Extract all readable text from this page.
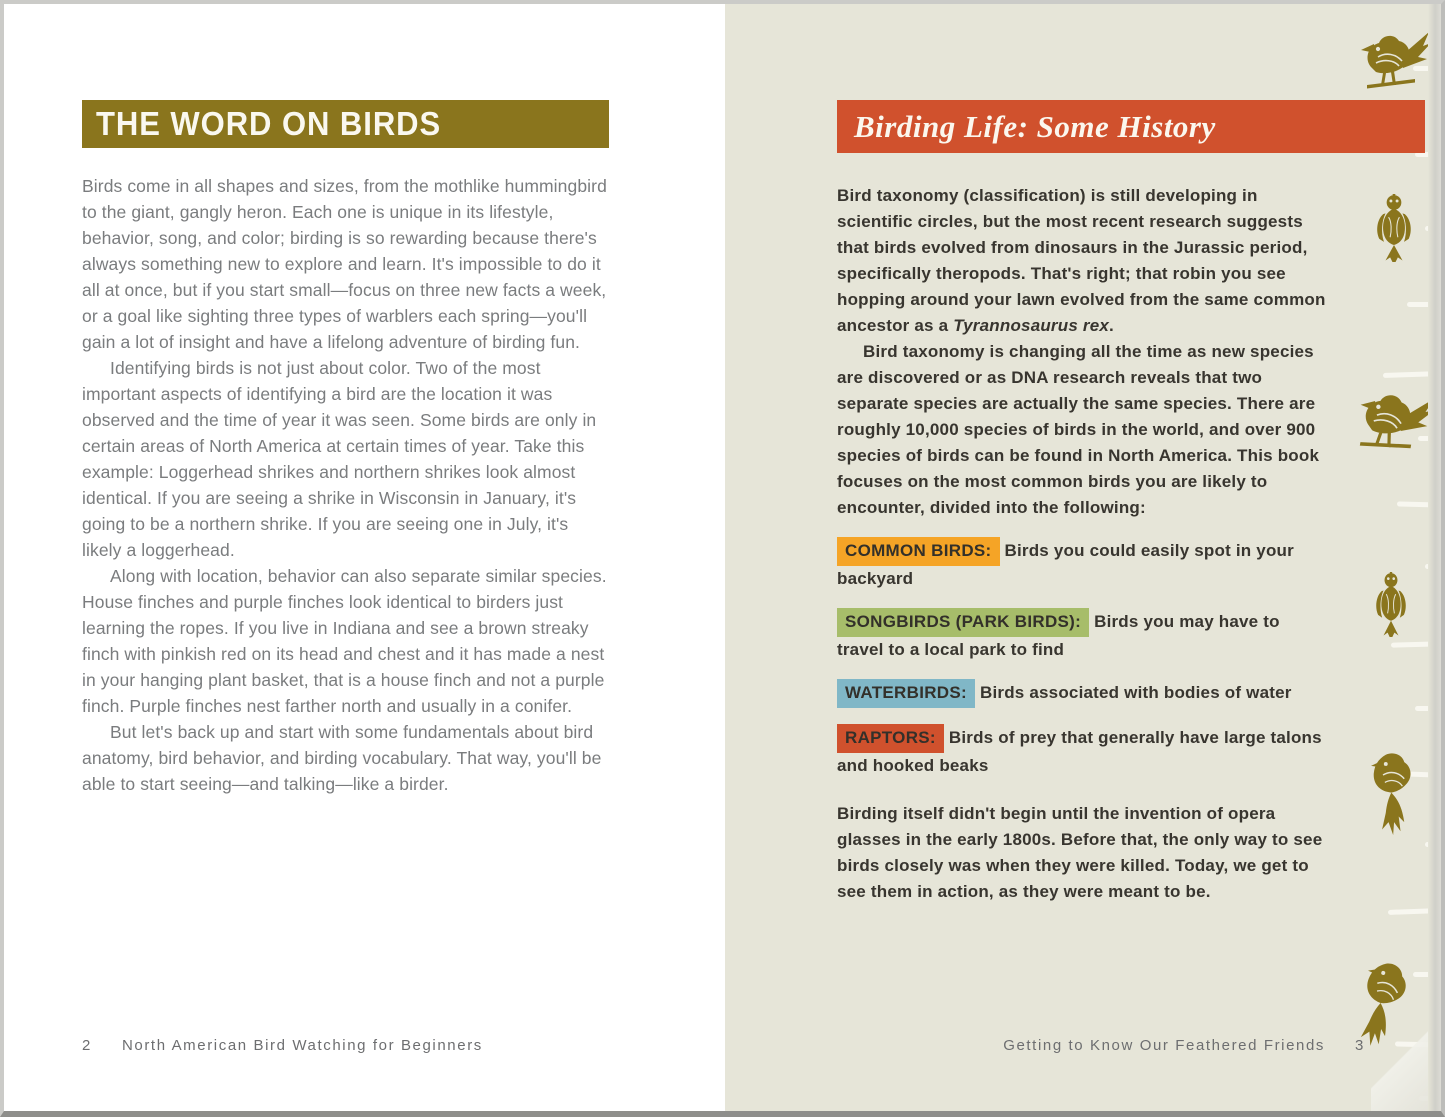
THE WORD ON BIRDS

Birds come in all shapes and sizes, from the mothlike hummingbird to the giant, gangly heron. Each one is unique in its lifestyle, behavior, song, and color; birding is so rewarding because there's always something new to explore and learn. It's impossible to do it all at once, but if you start small—focus on three new facts a week, or a goal like sighting three types of warblers each spring—you'll gain a lot of insight and have a lifelong adventure of birding fun.

Identifying birds is not just about color. Two of the most important aspects of identifying a bird are the location it was observed and the time of year it was seen. Some birds are only in certain areas of North America at certain times of year. Take this example: Loggerhead shrikes and northern shrikes look almost identical. If you are seeing a shrike in Wisconsin in January, it's going to be a northern shrike. If you are seeing one in July, it's likely a loggerhead.

Along with location, behavior can also separate similar species. House finches and purple finches look identical to birders just learning the ropes. If you live in Indiana and see a brown streaky finch with pinkish red on its head and chest and it has made a nest in your hanging plant basket, that is a house finch and not a purple finch. Purple finches nest farther north and usually in a conifer.

But let's back up and start with some fundamentals about bird anatomy, bird behavior, and birding vocabulary. That way, you'll be able to start seeing—and talking—like a birder.

2 North American Bird Watching for Beginners
Birding Life: Some History

Bird taxonomy (classification) is still developing in scientific circles, but the most recent research suggests that birds evolved from dinosaurs in the Jurassic period, specifically theropods. That's right; that robin you see hopping around your lawn evolved from the same common ancestor as a Tyrannosaurus rex.

Bird taxonomy is changing all the time as new species are discovered or as DNA research reveals that two separate species are actually the same species. There are roughly 10,000 species of birds in the world, and over 900 species of birds can be found in North America. This book focuses on the most common birds you are likely to encounter, divided into the following:

COMMON BIRDS: Birds you could easily spot in your backyard

SONGBIRDS (PARK BIRDS): Birds you may have to travel to a local park to find

WATERBIRDS: Birds associated with bodies of water

RAPTORS: Birds of prey that generally have large talons and hooked beaks

Birding itself didn't begin until the invention of opera glasses in the early 1800s. Before that, the only way to see birds closely was when they were killed. Today, we get to see them in action, as they were meant to be.

Getting to Know Our Feathered Friends 3
